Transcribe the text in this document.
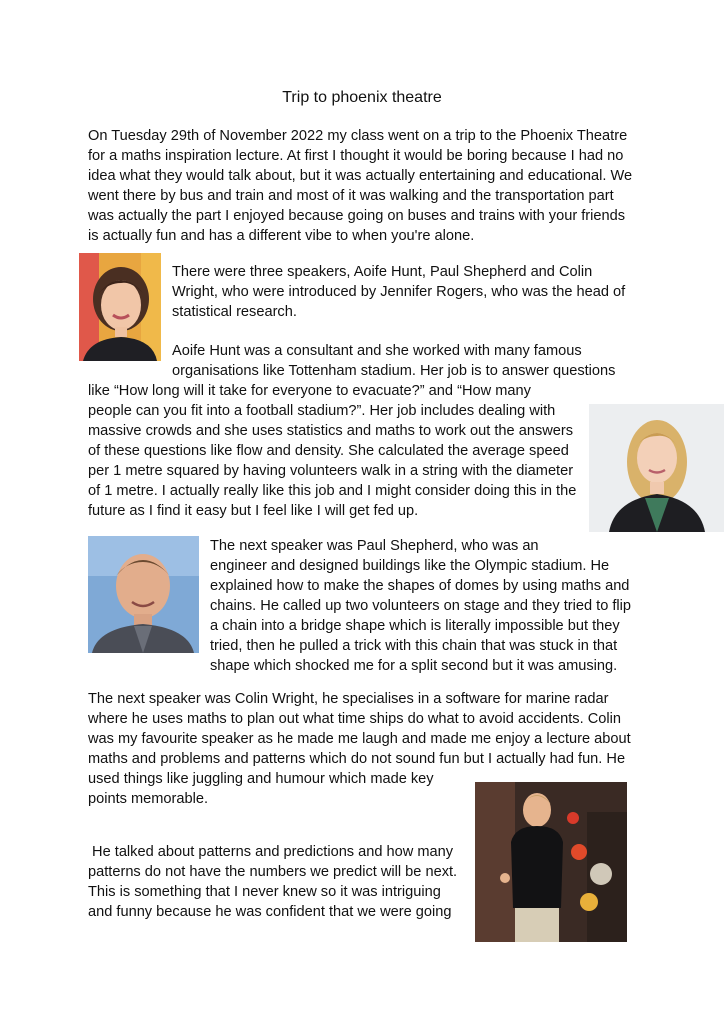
Trip to phoenix theatre

On Tuesday 29th of November 2022 my class went on a trip to the Phoenix Theatre

for a maths inspiration lecture. At first I thought it would be boring because I had no

idea what they would talk about, but it was actually entertaining and educational. We

went there by bus and train and most of it was walking and the transportation part

was actually the part I enjoyed because going on buses and trains with your friends

is actually fun and has a different vibe to when you're alone.

There were three speakers, Aoife Hunt, Paul Shepherd and Colin

Wright, who were introduced by Jennifer Rogers, who was the head of

statistical research.

Aoife Hunt was a consultant and she worked with many famous

organisations like Tottenham stadium. Her job is to answer questions

like “How long will it take for everyone to evacuate?” and “How many

people can you fit into a football stadium?”. Her job includes dealing with

massive crowds and she uses statistics and maths to work out the answers

of these questions like flow and density. She calculated the average speed

per 1 metre squared by having volunteers walk in a string with the diameter

of 1 metre. I actually really like this job and I might consider doing this in the

future as I find it easy but I feel like I will get fed up.

The next speaker was Paul Shepherd, who was an

engineer and designed buildings like the Olympic stadium. He

explained how to make the shapes of domes by using maths and

chains. He called up two volunteers on stage and they tried to flip

a chain into a bridge shape which is literally impossible but they

tried, then he pulled a trick with this chain that was stuck in that

shape which shocked me for a split second but it was amusing.

The next speaker was Colin Wright, he specialises in a software for marine radar

where he uses maths to plan out what time ships do what to avoid accidents. Colin

was my favourite speaker as he made me laugh and made me enjoy a lecture about

maths and problems and patterns which do not sound fun but I actually had fun. He

used things like juggling and humour which made key

points memorable.

He talked about patterns and predictions and how many

patterns do not have the numbers we predict will be next.

This is something that I never knew so it was intriguing

and funny because he was confident that we were going
